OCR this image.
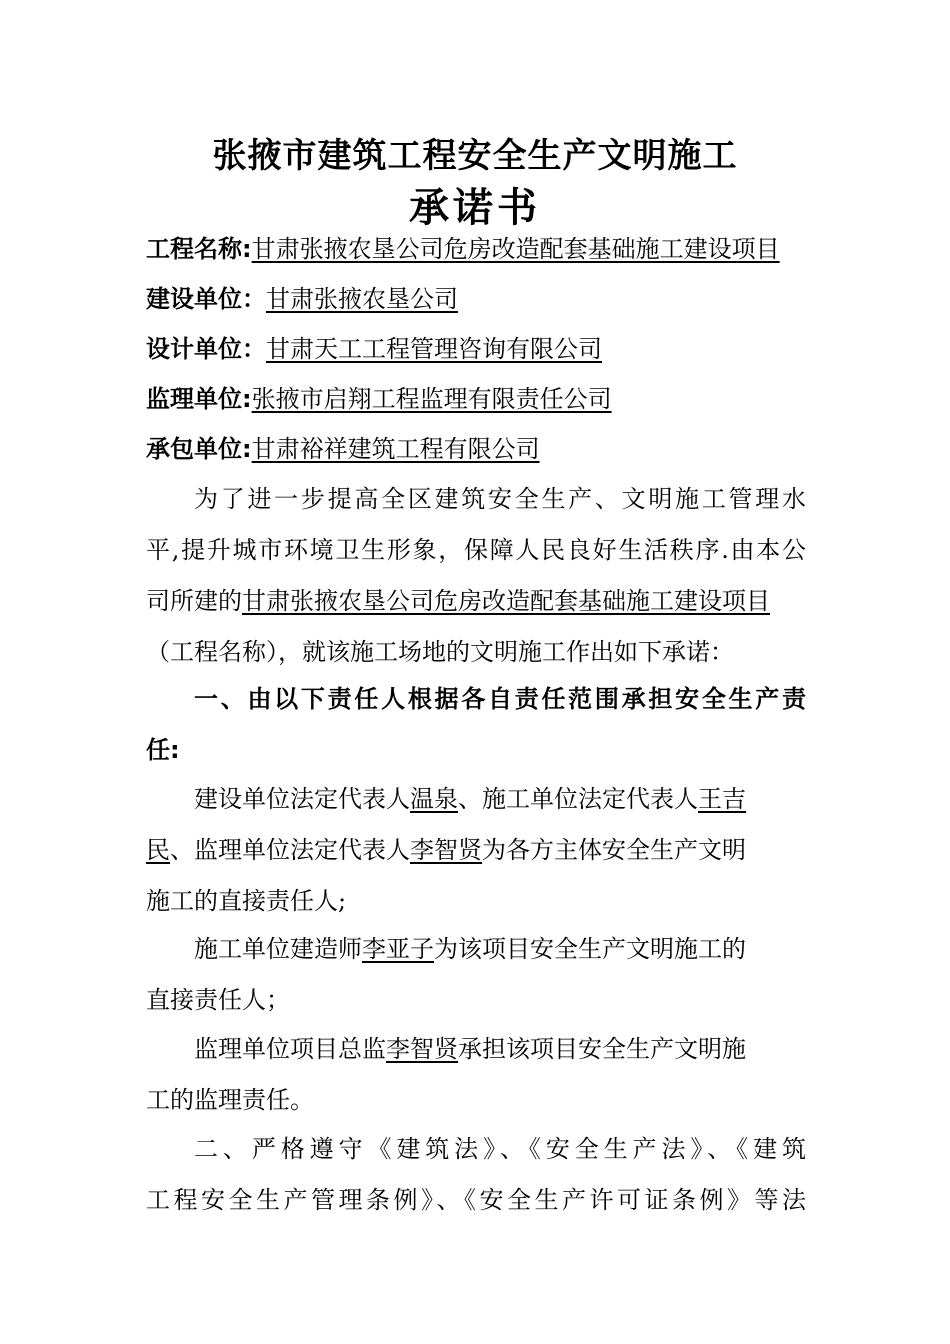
张掖市建筑工程安全生产文明施工
承诺书
工程名称:甘肃张掖农垦公司危房改造配套基础施工建设项目
建设单位：甘肃张掖农垦公司
设计单位：甘肃天工工程管理咨询有限公司
监理单位:张掖市启翔工程监理有限责任公司
承包单位:甘肃裕祥建筑工程有限公司
为了进一步提高全区建筑安全生产、文明施工管理水
平,提升城市环境卫生形象，保障人民良好生活秩序.由本公
司所建的甘肃张掖农垦公司危房改造配套基础施工建设项目
（工程名称），就该施工场地的文明施工作出如下承诺：
一、由以下责任人根据各自责任范围承担安全生产责
任:
建设单位法定代表人温泉、施工单位法定代表人王吉
民、监理单位法定代表人李智贤为各方主体安全生产文明
施工的直接责任人;
施工单位建造师李亚子为该项目安全生产文明施工的
直接责任人；
监理单位项目总监李智贤承担该项目安全生产文明施
工的监理责任。
二、严格遵守《建筑法》、《安全生产法》、《建筑
工程安全生产管理条例》、《安全生产许可证条例》等法
